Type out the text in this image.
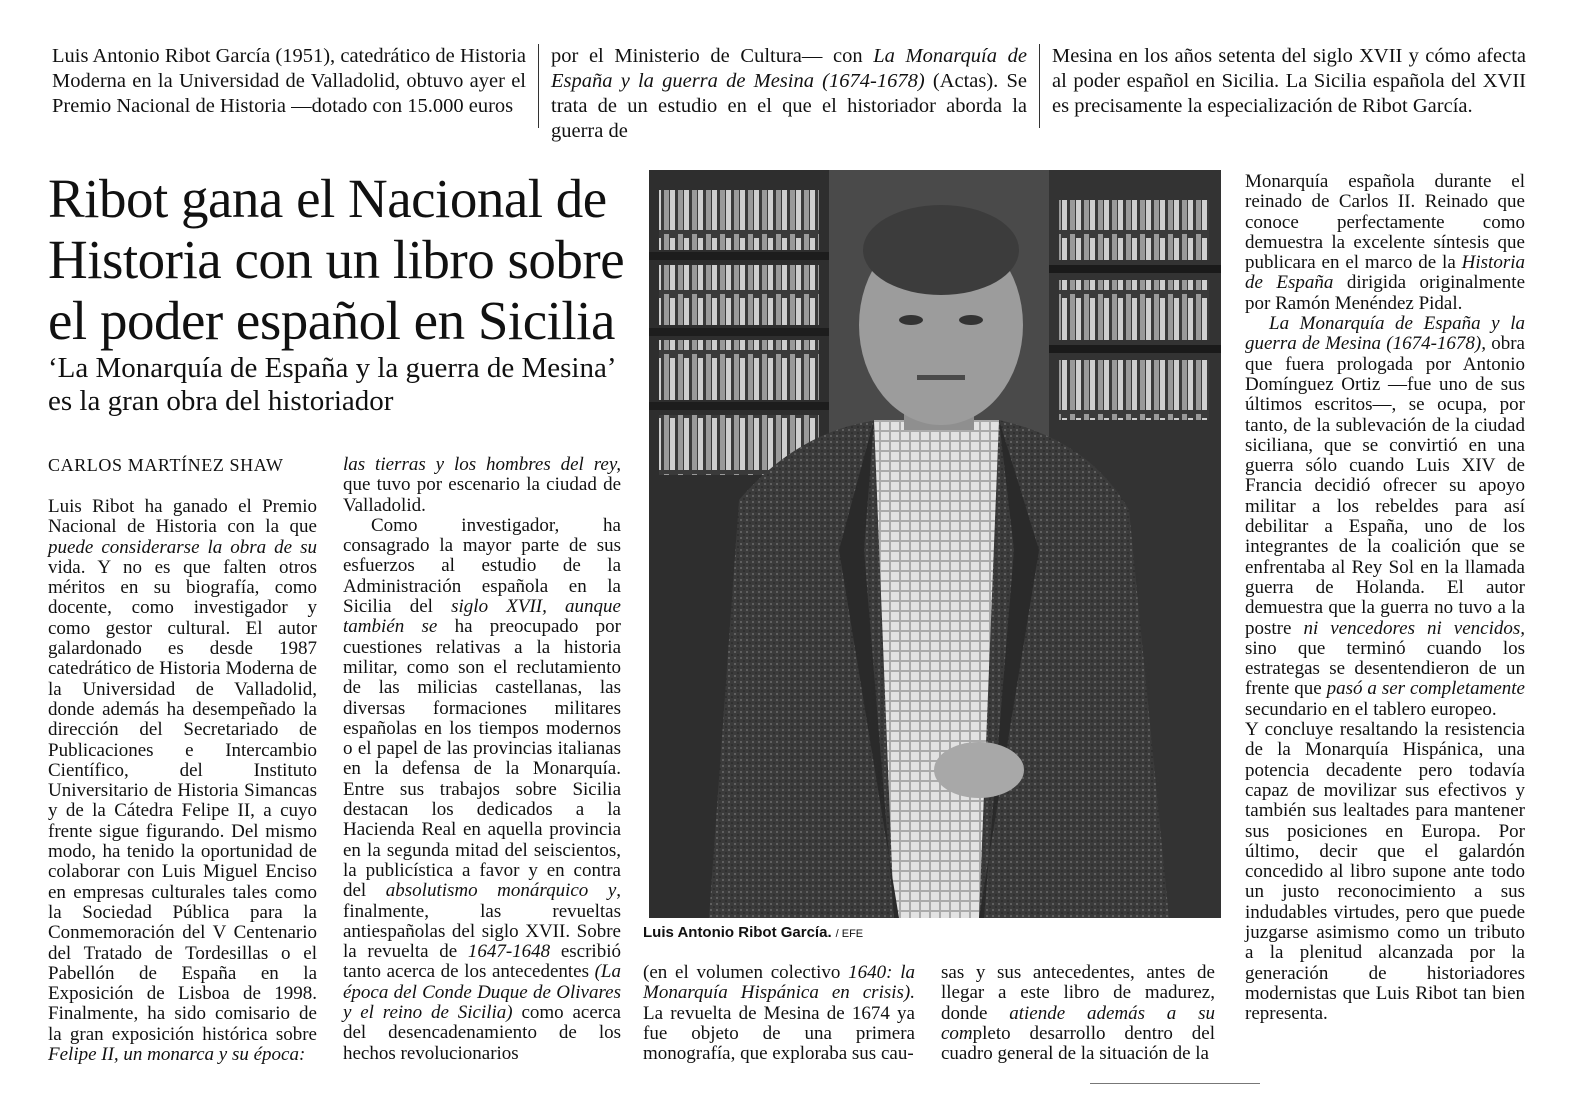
Luis Antonio Ribot García (1951), catedrático de Historia Moderna en la Universidad de Valladolid, obtuvo ayer el Premio Nacional de Historia —dotado con 15.000 euros
por el Ministerio de Cultura— con La Monarquía de España y la guerra de Mesina (1674-1678) (Actas). Se trata de un estudio en el que el historiador aborda la guerra de
Mesina en los años setenta del siglo XVII y cómo afecta al poder español en Sicilia. La Sicilia española del XVII es precisamente la especialización de Ribot García.
Ribot gana el Nacional de Historia con un libro sobre el poder español en Sicilia
‘La Monarquía de España y la guerra de Mesina’ es la gran obra del historiador
CARLOS MARTÍNEZ SHAW
Luis Ribot ha ganado el Premio Nacional de Historia con la que puede considerarse la obra de su vida. Y no es que falten otros méritos en su biografía, como docente, como investigador y como gestor cultural. El autor galardonado es desde 1987 catedrático de Historia Moderna de la Universidad de Valladolid, donde además ha desempeñado la dirección del Secretariado de Publicaciones e Intercambio Científico, del Instituto Universitario de Historia Simancas y de la Cátedra Felipe II, a cuyo frente sigue figurando. Del mismo modo, ha tenido la oportunidad de colaborar con Luis Miguel Enciso en empresas culturales tales como la Sociedad Pública para la Conmemoración del V Centenario del Tratado de Tordesillas o el Pabellón de España en la Exposición de Lisboa de 1998. Finalmente, ha sido comisario de la gran exposición histórica sobre Felipe II, un monarca y su época:
las tierras y los hombres del rey, que tuvo por escenario la ciudad de Valladolid.
Como investigador, ha consagrado la mayor parte de sus esfuerzos al estudio de la Administración española en la Sicilia del siglo XVII, aunque también se ha preocupado por cuestiones relativas a la historia militar, como son el reclutamiento de las milicias castellanas, las diversas formaciones militares españolas en los tiempos modernos o el papel de las provincias italianas en la defensa de la Monarquía. Entre sus trabajos sobre Sicilia destacan los dedicados a la Hacienda Real en aquella provincia en la segunda mitad del seiscientos, la publicística a favor y en contra del absolutismo monárquico y, finalmente, las revueltas antiespañolas del siglo XVII. Sobre la revuelta de 1647-1648 escribió tanto acerca de los antecedentes (La época del Conde Duque de Olivares y el reino de Sicilia) como acerca del desencadenamiento de los hechos revolucionarios
Luis Antonio Ribot García. / EFE
(en el volumen colectivo 1640: la Monarquía Hispánica en crisis). La revuelta de Mesina de 1674 ya fue objeto de una primera monografía, que exploraba sus cau-
sas y sus antecedentes, antes de llegar a este libro de madurez, donde atiende además a su completo desarrollo dentro del cuadro general de la situación de la
Monarquía española durante el reinado de Carlos II. Reinado que conoce perfectamente como demuestra la excelente síntesis que publicara en el marco de la Historia de España dirigida originalmente por Ramón Menéndez Pidal.
La Monarquía de España y la guerra de Mesina (1674-1678), obra que fuera prologada por Antonio Domínguez Ortiz —fue uno de sus últimos escritos—, se ocupa, por tanto, de la sublevación de la ciudad siciliana, que se convirtió en una guerra sólo cuando Luis XIV de Francia decidió ofrecer su apoyo militar a los rebeldes para así debilitar a España, uno de los integrantes de la coalición que se enfrentaba al Rey Sol en la llamada guerra de Holanda. El autor demuestra que la guerra no tuvo a la postre ni vencedores ni vencidos, sino que terminó cuando los estrategas se desentendieron de un frente que pasó a ser completamente secundario en el tablero europeo.
Y concluye resaltando la resistencia de la Monarquía Hispánica, una potencia decadente pero todavía capaz de movilizar sus efectivos y también sus lealtades para mantener sus posiciones en Europa. Por último, decir que el galardón concedido al libro supone ante todo un justo reconocimiento a sus indudables virtudes, pero que puede juzgarse asimismo como un tributo a la plenitud alcanzada por la generación de historiadores modernistas que Luis Ribot tan bien representa.
